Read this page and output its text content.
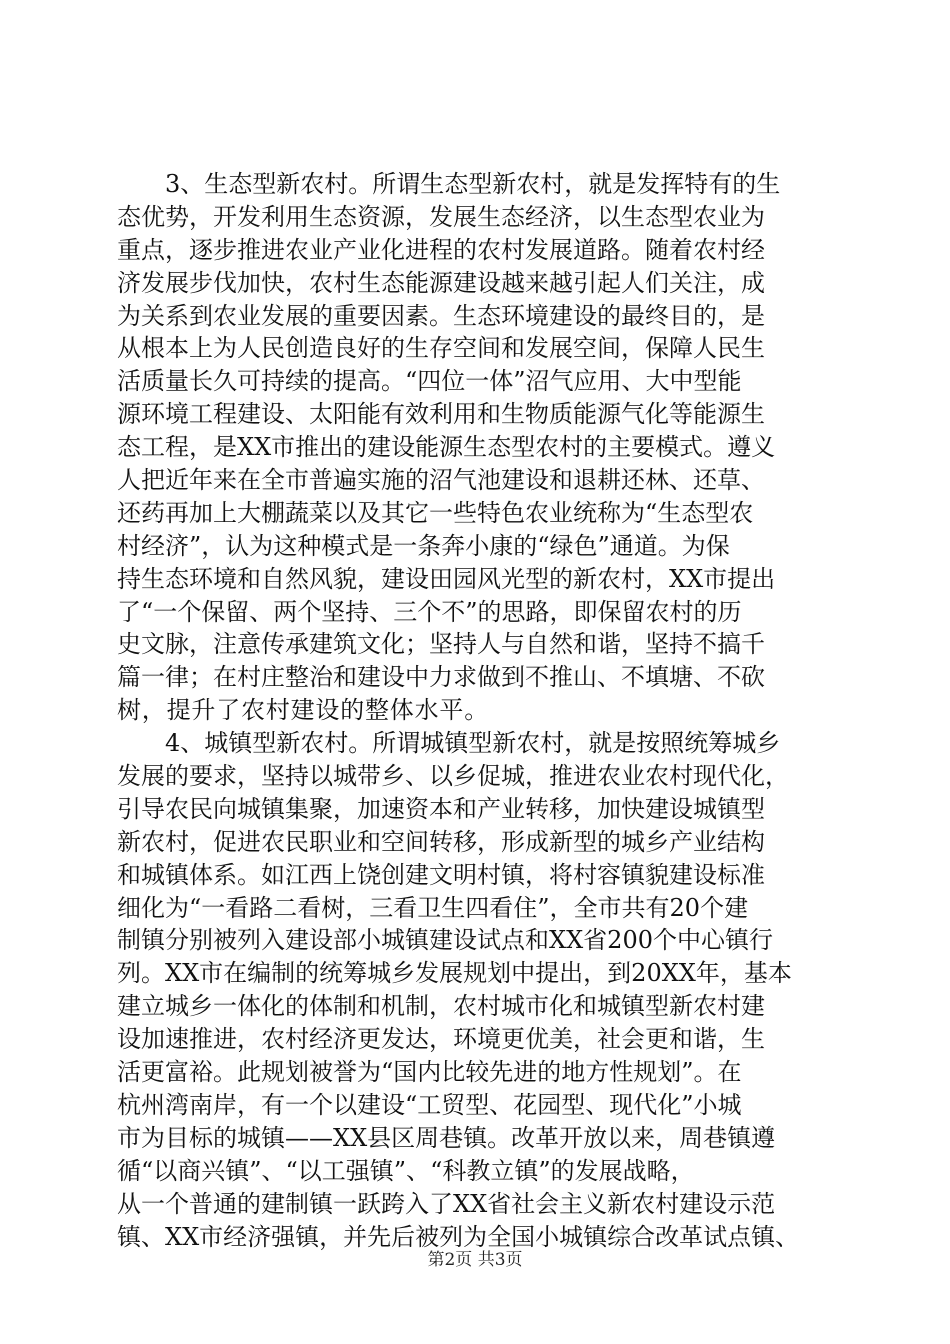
　　3、生态型新农村。所谓生态型新农村，就是发挥特有的生
态优势，开发利用生态资源，发展生态经济，以生态型农业为
重点，逐步推进农业产业化进程的农村发展道路。随着农村经
济发展步伐加快，农村生态能源建设越来越引起人们关注，成
为关系到农业发展的重要因素。生态环境建设的最终目的，是
从根本上为人民创造良好的生存空间和发展空间，保障人民生
活质量长久可持续的提高。“四位一体”沼气应用、大中型能
源环境工程建设、太阳能有效利用和生物质能源气化等能源生
态工程，是XX市推出的建设能源生态型农村的主要模式。遵义
人把近年来在全市普遍实施的沼气池建设和退耕还林、还草、
还药再加上大棚蔬菜以及其它一些特色农业统称为“生态型农
村经济”，认为这种模式是一条奔小康的“绿色”通道。为保
持生态环境和自然风貌，建设田园风光型的新农村，XX市提出
了“一个保留、两个坚持、三个不”的思路，即保留农村的历
史文脉，注意传承建筑文化；坚持人与自然和谐，坚持不搞千
篇一律；在村庄整治和建设中力求做到不推山、不填塘、不砍
树，提升了农村建设的整体水平。
　　4、城镇型新农村。所谓城镇型新农村，就是按照统筹城乡
发展的要求，坚持以城带乡、以乡促城，推进农业农村现代化，
引导农民向城镇集聚，加速资本和产业转移，加快建设城镇型
新农村，促进农民职业和空间转移，形成新型的城乡产业结构
和城镇体系。如江西上饶创建文明村镇，将村容镇貌建设标准
细化为“一看路二看树，三看卫生四看住”，全市共有20个建
制镇分别被列入建设部小城镇建设试点和XX省200个中心镇行
列。XX市在编制的统筹城乡发展规划中提出，到20XX年，基本
建立城乡一体化的体制和机制，农村城市化和城镇型新农村建
设加速推进，农村经济更发达，环境更优美，社会更和谐，生
活更富裕。此规划被誉为“国内比较先进的地方性规划”。在
杭州湾南岸，有一个以建设“工贸型、花园型、现代化”小城
市为目标的城镇——XX县区周巷镇。改革开放以来，周巷镇遵
循“以商兴镇”、“以工强镇”、“科教立镇”的发展战略，
从一个普通的建制镇一跃跨入了XX省社会主义新农村建设示范
镇、XX市经济强镇，并先后被列为全国小城镇综合改革试点镇、
第2页 共3页
